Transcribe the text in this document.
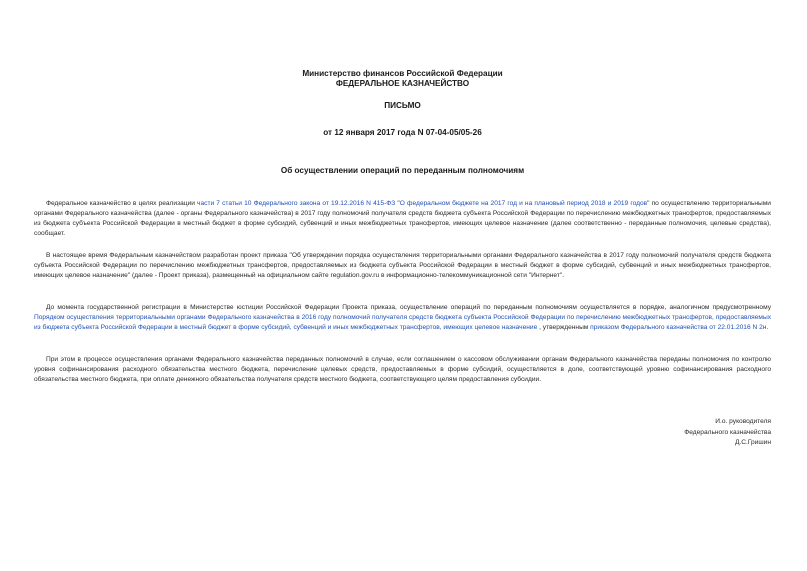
Министерство финансов Российской Федерации
ФЕДЕРАЛЬНОЕ КАЗНАЧЕЙСТВО
ПИСЬМО
от 12 января 2017 года N 07-04-05/05-26
Об осуществлении операций по переданным полномочиям

Федеральное казначейство в целях реализации части 7 статьи 10 Федерального закона от 19.12.2016 N 415-ФЗ "О федеральном бюджете на 2017 год и на плановый период 2018 и 2019 годов" по осуществлению территориальными органами Федерального казначейства (далее - органы Федерального казначейства) в 2017 году полномочий получателя средств бюджета субъекта Российской Федерации по перечислению межбюджетных трансфертов, предоставляемых из бюджета субъекта Российской Федерации в местный бюджет в форме субсидий, субвенций и иных межбюджетных трансфертов, имеющих целевое назначение (далее соответственно - переданные полномочия, целевые средства), сообщает.

В настоящее время Федеральным казначейством разработан проект приказа "Об утверждении порядка осуществления территориальными органами Федерального казначейства в 2017 году полномочий получателя средств бюджета субъекта Российской Федерации по перечислению межбюджетных трансфертов, предоставляемых из бюджета субъекта Российской Федерации в местный бюджет в форме субсидий, субвенций и иных межбюджетных трансфертов, имеющих целевое назначение" (далее - Проект приказа), размещенный на официальном сайте regulation.gov.ru в информационно-телекоммуникационной сети "Интернет".

До момента государственной регистрации в Министерстве юстиции Российской Федерации Проекта приказа, осуществление операций по переданным полномочиям осуществляется в порядке, аналогичном предусмотренному Порядком осуществления территориальными органами Федерального казначейства в 2016 году полномочий получателя средств бюджета субъекта Российской Федерации по перечислению межбюджетных трансфертов, предоставляемых из бюджета субъекта Российской Федерации в местный бюджет в форме субсидий, субвенций и иных межбюджетных трансфертов, имеющих целевое назначение , утвержденным приказом Федерального казначейства от 22.01.2016 N 2н.

При этом в процессе осуществления органами Федерального казначейства переданных полномочий в случае, если соглашением о кассовом обслуживании органам Федерального казначейства переданы полномочия по контролю уровня софинансирования расходного обязательства местного бюджета, перечисление целевых средств, предоставляемых в форме субсидий, осуществляется в доле, соответствующей уровню софинансирования расходного обязательства местного бюджета, при оплате денежного обязательства получателя средств местного бюджета, соответствующего целям предоставления субсидии.

И.о. руководителя
Федерального казначейства
Д.С.Гришин
